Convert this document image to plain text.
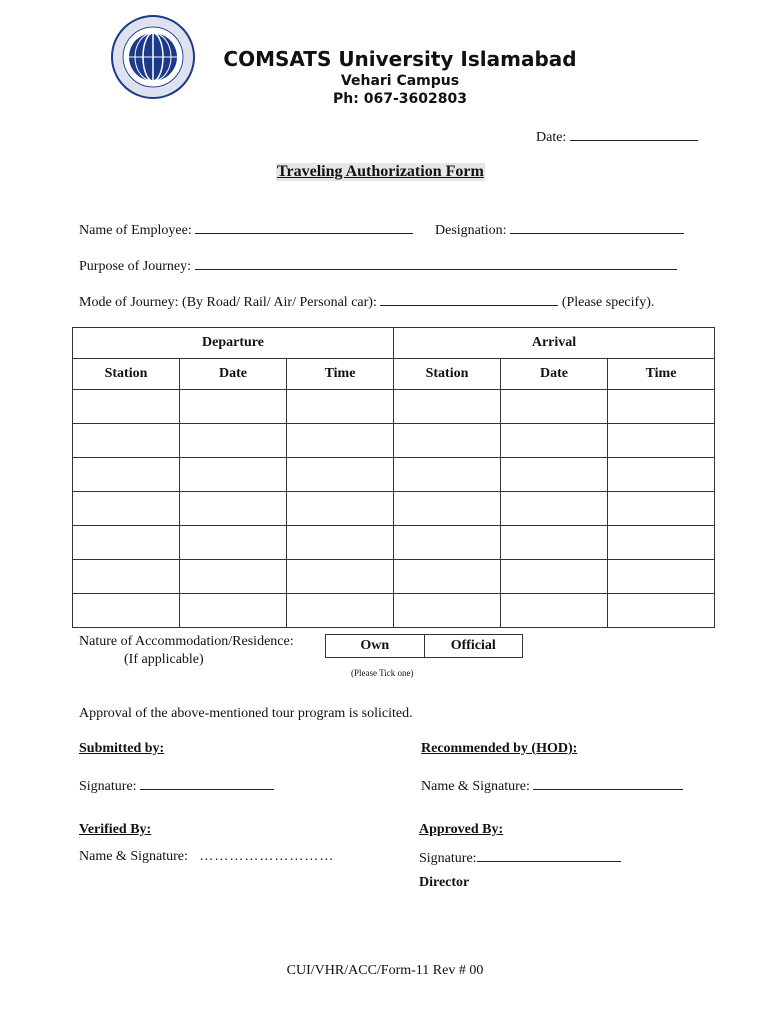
COMSATS University Islamabad
Vehari Campus
Ph: 067-3602803
Date:
Traveling Authorization Form
Name of Employee:	Designation:
Purpose of Journey:
Mode of Journey: (By Road/ Rail/ Air/ Personal car):	(Please specify).
Departure			Arrival		
Station	Date	Time	Station	Date	Time

Nature of Accommodation/Residence:
(If applicable)
Own	Official
(Please Tick one)
Approval of the above-mentioned tour program is solicited.
Submitted by:	Recommended by (HOD):
Signature:	Name & Signature:
Verified By:	Approved By:
Name & Signature: ………………………	Signature:
Director
CUI/VHR/ACC/Form-11 Rev # 00
